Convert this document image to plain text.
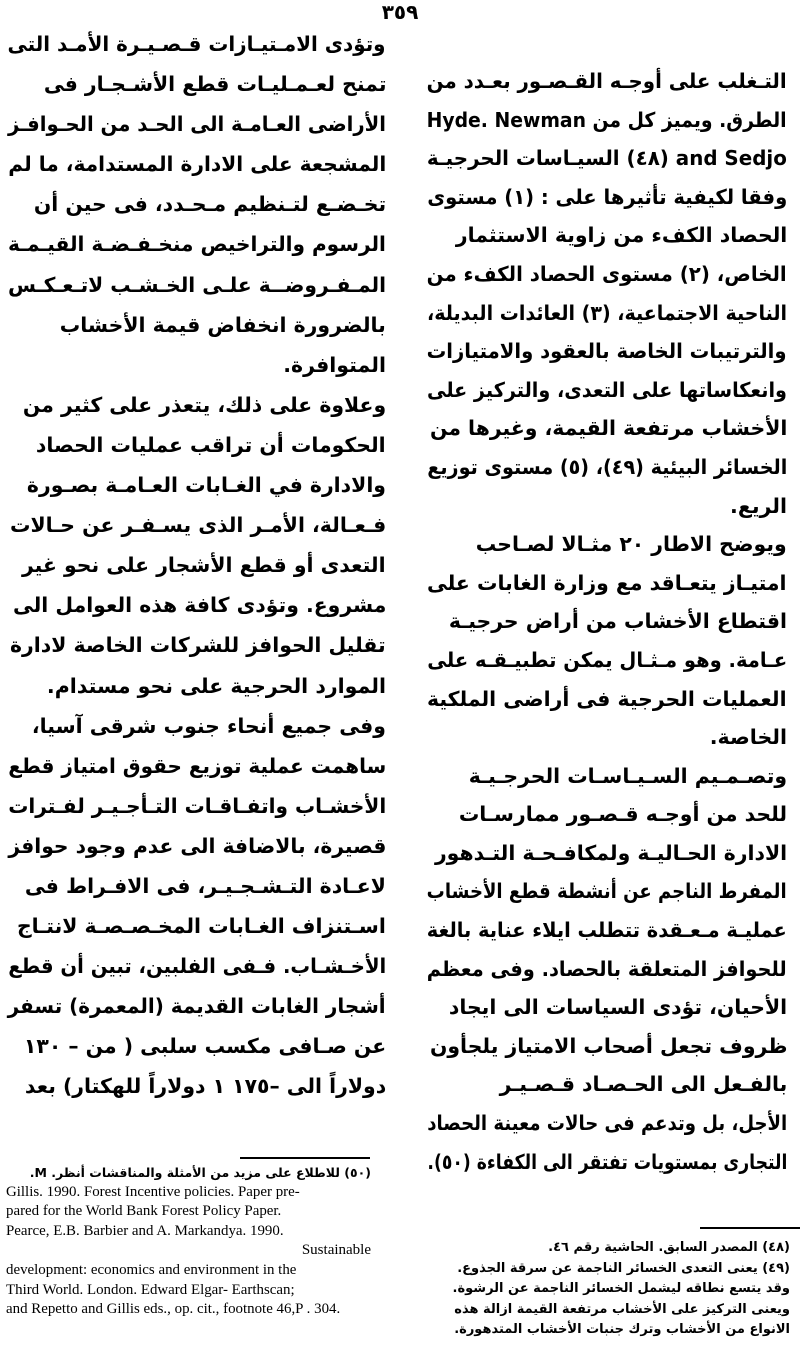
٣٥٩
التـغلب على أوجـه القـصـور بعـدد من
الطرق. ويميز كل من Hyde. Newman
and Sedjo (٤٨) السيـاسات الحرجيـة
وفقا لكيفية تأثيرها على : (١) مستوى
الحصاد الكفء من زاوية الاستثمار
الخاص، (٢) مستوى الحصاد الكفء من
الناحية الاجتماعية، (٣) العائدات البديلة،
والترتيبات الخاصة بالعقود والامتيازات
وانعكاساتها على التعدى، والتركيز على
الأخشاب مرتفعة القيمة، وغيرها من
الخسائر البيئية (٤٩)، (٥) مستوى توزيع
الريع.
ويوضح الاطار ٢٠ مثـالا لصـاحب
امتيـاز يتعـاقد مع وزارة الغابات على
اقتطاع الأخشاب من أراض حرجيـة
عـامة. وهو مـثـال يمكن تطبيـقـه على
العمليات الحرجية فى أراضى الملكية
الخاصة.
وتصـمـيم السـيـاسـات الحرجـيـة
للحد من أوجـه قـصـور ممارسـات
الادارة الحـاليـة ولمكافـحـة التـدهور
المفرط الناجم عن أنشطة قطع الأخشاب
عمليـة مـعـقدة تتطلب ايلاء عناية بالغة
للحوافز المتعلقة بالحصاد. وفى معظم
الأحيان، تؤدى السياسات الى ايجاد
ظروف تجعل أصحاب الامتياز يلجأون
بالفـعل الى الحـصـاد قـصـيـر
الأجل، بل وتدعم فى حالات معينة الحصاد
التجارى بمستويات تفتقر الى الكفاءة (٥٠).
وتؤدى الامـتيـازات قـصـيـرة الأمـد التى
تمنح لعـمـليـات قطع الأشـجـار فى
الأراضى العـامـة الى الحـد من الحـوافـز
المشجعة على الادارة المستدامة، ما لم
تخـضـع لتـنظيم مـحـدد، فى حين أن
الرسوم والتراخيص منخـفـضـة القيـمـة
المـفـروضــة علـى الخـشـب لاتـعـكـس
بالضرورة انخفاض قيمة الأخشاب
المتوافرة.
وعلاوة على ذلك، يتعذر على كثير من
الحكومات أن تراقب عمليات الحصاد
والادارة في الغـابات العـامـة بصـورة
فـعـالة، الأمـر الذى يسـفـر عن حـالات
التعدى أو قطع الأشجار على نحو غير
مشروع. وتؤدى كافة هذه العوامل الى
تقليل الحوافز للشركات الخاصة لادارة
الموارد الحرجية على نحو مستدام.
وفى جميع أنحاء جنوب شرقى آسيا،
ساهمت عملية توزيع حقوق امتياز قطع
الأخشـاب واتفـاقـات التـأجـيـر لفـترات
قصيرة، بالاضافة الى عدم وجود حوافز
لاعـادة التـشـجـيـر، فى الافـراط فى
اسـتنزاف الغـابات المخـصـصـة لانتـاج
الأخـشـاب. فـفى الفلبين، تبين أن قطع
أشجار الغابات القديمة (المعمرة) تسفر
عن صـافى مكسب سلبى ( من – ١٣٠
دولاراً الى –١٧٥ ١ دولاراً للهكتار) بعد
(٥٠) للاطلاع على مزيد من الأمثلة والمناقشات أنظر. M.
Gillis. 1990. Forest Incentive policies. Paper pre-
pared for the World Bank Forest Policy Paper.
Pearce, E.B. Barbier and A. Markandya. 1990.
Sustainable
development: economics and environment in the
Third World. London. Edward Elgar- Earthscan;
and Repetto and Gillis eds., op. cit., footnote 46,P . 304.
(٤٨) المصدر السابق. الحاشية رقم ٤٦.
(٤٩) يعنى التعدى الخسائر الناجمة عن سرقة الجذوع.
وقد يتسع نطاقه ليشمل الخسائر الناجمة عن الرشوة.
ويعنى التركيز على الأخشاب مرتفعة القيمة ازالة هذه
الانواع من الأخشاب وترك جنبات الأخشاب المتدهورة.
